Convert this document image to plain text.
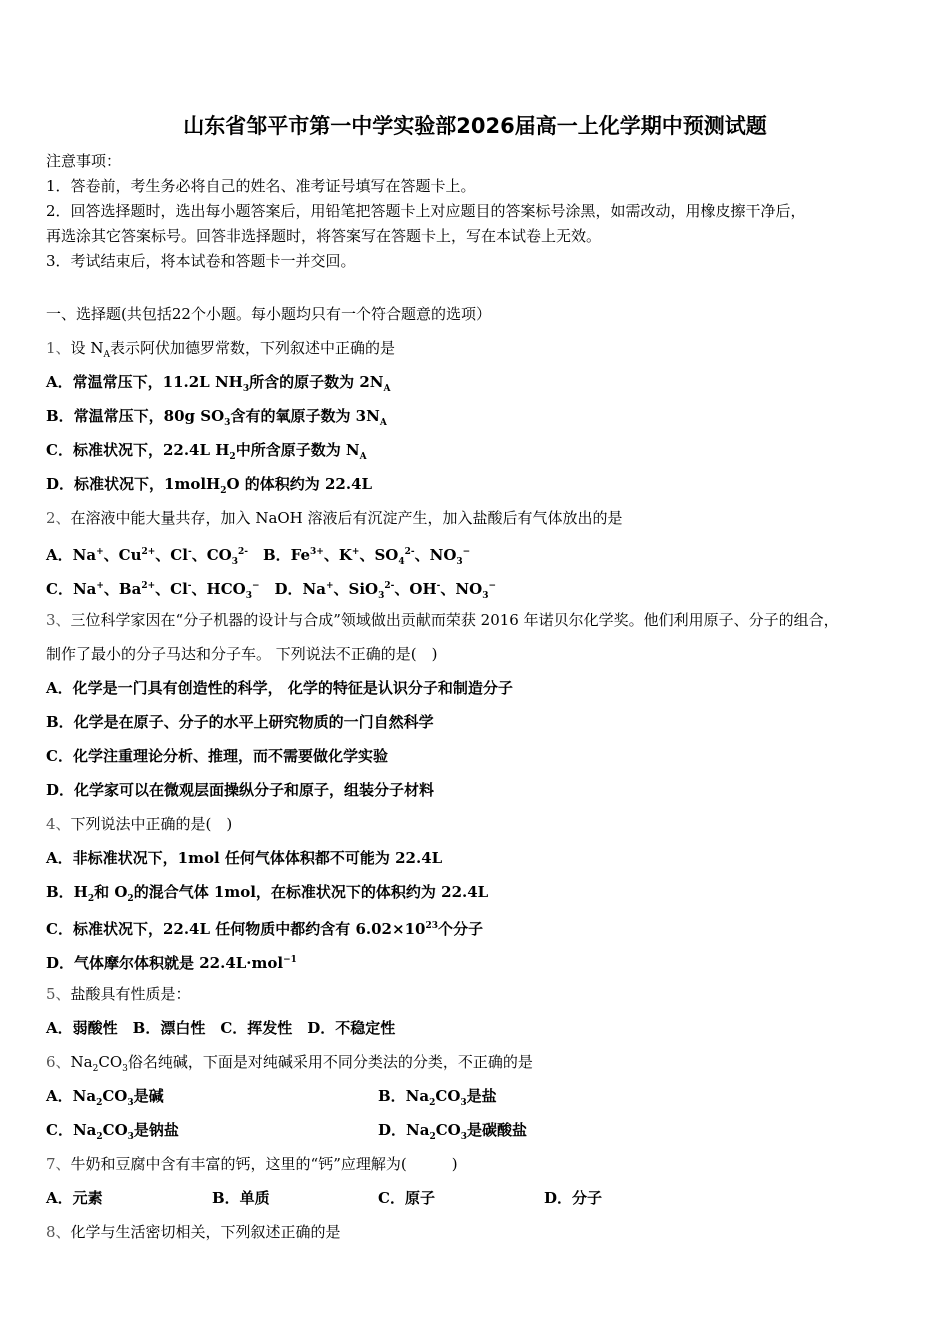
山东省邹平市第一中学实验部2026届高一上化学期中预测试题
注意事项：
1．答卷前，考生务必将自己的姓名、准考证号填写在答题卡上。
2．回答选择题时，选出每小题答案后，用铅笔把答题卡上对应题目的答案标号涂黑，如需改动，用橡皮擦干净后，
再选涂其它答案标号。回答非选择题时，将答案写在答题卡上，写在本试卷上无效。
3．考试结束后，将本试卷和答题卡一并交回。
一、选择题(共包括22个小题。每小题均只有一个符合题意的选项）
1、设 $N_A$表示阿伏加德罗常数，下列叙述中正确的是
A．常温常压下，11.2L $NH_3$所含的原子数为 $2N_A$
B．常温常压下，80g $SO_3$含有的氧原子数为 $3N_A$
C．标准状况下，22.4L $H_2$中所含原子数为 $N_A$
D．标准状况下，1molH$_2$O 的体积约为 22.4L
2、在溶液中能大量共存，加入 NaOH 溶液后有沉淀产生，加入盐酸后有气体放出的是
A．Na+、$Cu^{2+}$、Cl-、$CO_3^{2-}$　B．$Fe^{3+}$、K+、$SO_4^{2-}$、$NO_3^-$
C．Na+、$Ba^{2+}$、Cl-、$HCO_3^-$　D．Na+、SiO$_3^{2-}$、OH-、$NO_3^-$
3、三位科学家因在“分子机器的设计与合成”领域做出贡献而荣获 2016 年诺贝尔化学奖。他们利用原子、分子的组合，
制作了最小的分子马达和分子车。 下列说法不正确的是(　)
A．化学是一门具有创造性的科学， 化学的特征是认识分子和制造分子
B．化学是在原子、分子的水平上研究物质的一门自然科学
C．化学注重理论分析、推理，而不需要做化学实验
D．化学家可以在微观层面操纵分子和原子，组装分子材料
4、下列说法中正确的是(　)
A．非标准状况下，1mol 任何气体体积都不可能为 22.4L
B．$H_2$和 $O_2$的混合气体 1mol，在标准状况下的体积约为 22.4L
C．标准状况下，22.4L 任何物质中都约含有 $6.02\times 10^{23}$个分子
D．气体摩尔体积就是 22.4L·mol$^{-1}$
5、盐酸具有性质是：
A．弱酸性　B．漂白性　C．挥发性　D．不稳定性
6、$Na_2CO_3$俗名纯碱，下面是对纯碱采用不同分类法的分类，不正确的是
A．$Na_2CO_3$是碱	B．$Na_2CO_3$是盐
C．$Na_2CO_3$是钠盐	D．$Na_2CO_3$是碳酸盐
7、牛奶和豆腐中含有丰富的钙，这里的“钙”应理解为(　　　)
A．元素	B．单质	C．原子	D．分子
8、化学与生活密切相关，下列叙述正确的是
